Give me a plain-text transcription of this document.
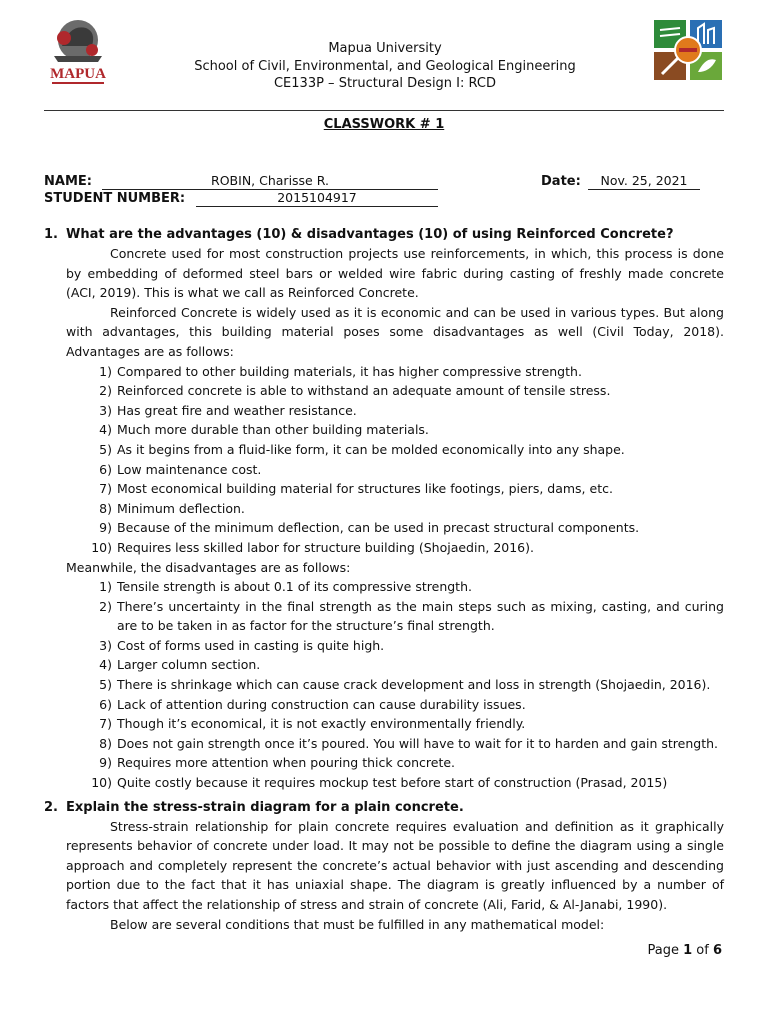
MAPUA
Mapua University
School of Civil, Environmental, and Geological Engineering
CE133P – Structural Design I: RCD
CLASSWORK # 1
NAME:	ROBIN, Charisse R.
STUDENT NUMBER:	2015104917
Date:	Nov. 25, 2021
1. What are the advantages (10) & disadvantages (10) of using Reinforced Concrete?
Concrete used for most construction projects use reinforcements, in which, this process is done by embedding of deformed steel bars or welded wire fabric during casting of freshly made concrete (ACI, 2019). This is what we call as Reinforced Concrete.
Reinforced Concrete is widely used as it is economic and can be used in various types. But along with advantages, this building material poses some disadvantages as well (Civil Today, 2018). Advantages are as follows:
1) Compared to other building materials, it has higher compressive strength.
2) Reinforced concrete is able to withstand an adequate amount of tensile stress.
3) Has great fire and weather resistance.
4) Much more durable than other building materials.
5) As it begins from a fluid-like form, it can be molded economically into any shape.
6) Low maintenance cost.
7) Most economical building material for structures like footings, piers, dams, etc.
8) Minimum deflection.
9) Because of the minimum deflection, can be used in precast structural components.
10) Requires less skilled labor for structure building (Shojaedin, 2016).
Meanwhile, the disadvantages are as follows:
1) Tensile strength is about 0.1 of its compressive strength.
2) There’s uncertainty in the final strength as the main steps such as mixing, casting, and curing are to be taken in as factor for the structure’s final strength.
3) Cost of forms used in casting is quite high.
4) Larger column section.
5) There is shrinkage which can cause crack development and loss in strength (Shojaedin, 2016).
6) Lack of attention during construction can cause durability issues.
7) Though it’s economical, it is not exactly environmentally friendly.
8) Does not gain strength once it’s poured. You will have to wait for it to harden and gain strength.
9) Requires more attention when pouring thick concrete.
10) Quite costly because it requires mockup test before start of construction (Prasad, 2015)
2. Explain the stress-strain diagram for a plain concrete.
Stress-strain relationship for plain concrete requires evaluation and definition as it graphically represents behavior of concrete under load. It may not be possible to define the diagram using a single approach and completely represent the concrete’s actual behavior with just ascending and descending portion due to the fact that it has uniaxial shape. The diagram is greatly influenced by a number of factors that affect the relationship of stress and strain of concrete (Ali, Farid, & Al-Janabi, 1990).
Below are several conditions that must be fulfilled in any mathematical model:
Page 1 of 6
